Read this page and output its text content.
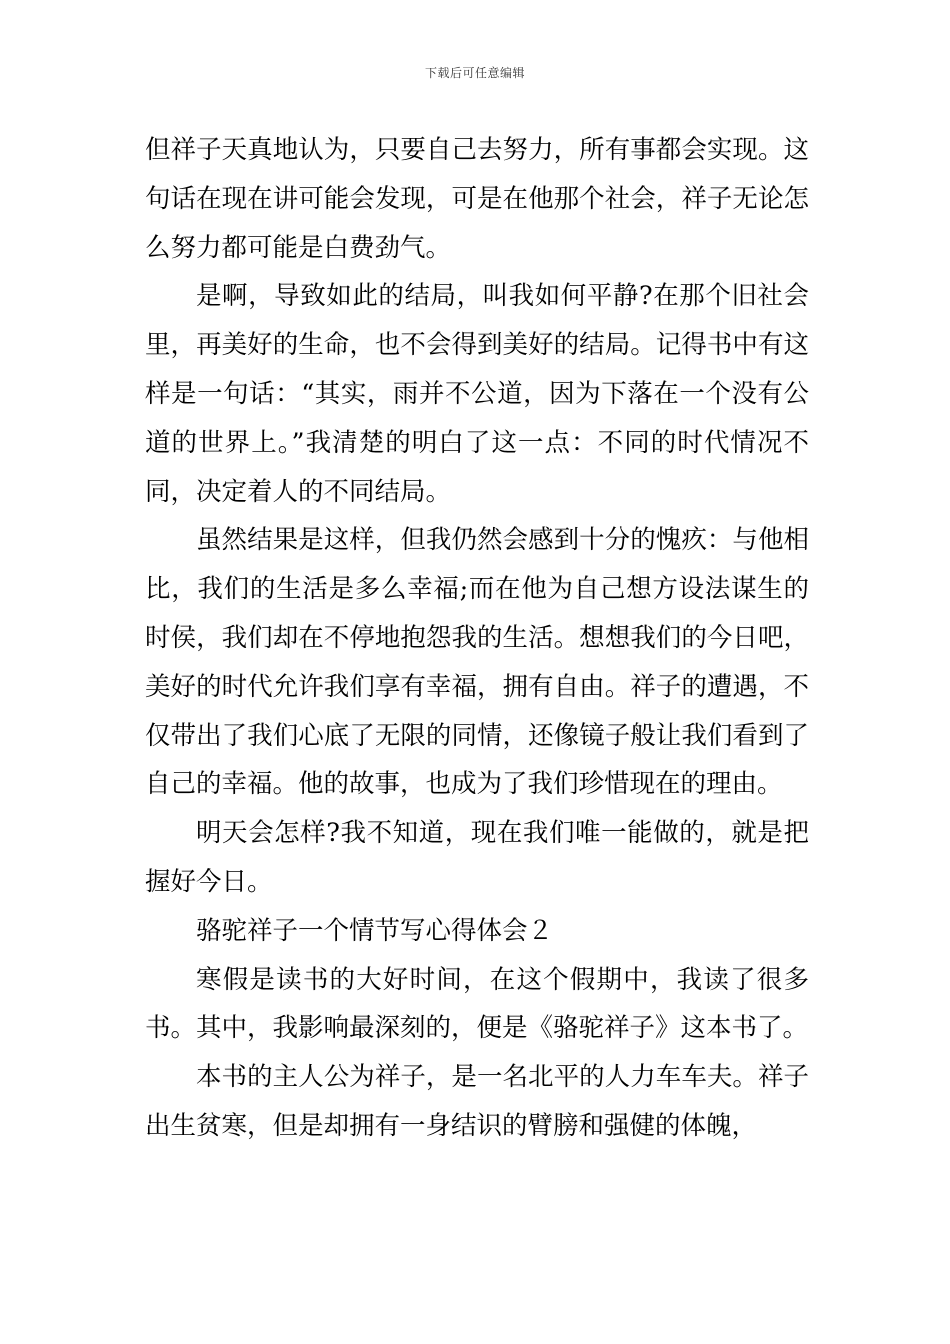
下载后可任意编辑

但祥子天真地认为，只要自己去努力，所有事都会实现。这句话在现在讲可能会发现，可是在他那个社会，祥子无论怎么努力都可能是白费劲气。

是啊，导致如此的结局，叫我如何平静?在那个旧社会里，再美好的生命，也不会得到美好的结局。记得书中有这样是一句话：“其实，雨并不公道，因为下落在一个没有公道的世界上。”我清楚的明白了这一点：不同的时代情况不同，决定着人的不同结局。

虽然结果是这样，但我仍然会感到十分的愧疚：与他相比，我们的生活是多么幸福;而在他为自己想方设法谋生的时侯，我们却在不停地抱怨我的生活。想想我们的今日吧，美好的时代允许我们享有幸福，拥有自由。祥子的遭遇，不仅带出了我们心底了无限的同情，还像镜子般让我们看到了自己的幸福。他的故事，也成为了我们珍惜现在的理由。

明天会怎样?我不知道，现在我们唯一能做的，就是把握好今日。

骆驼祥子一个情节写心得体会２

寒假是读书的大好时间，在这个假期中，我读了很多书。其中，我影响最深刻的，便是《骆驼祥子》这本书了。

本书的主人公为祥子，是一名北平的人力车车夫。祥子出生贫寒，但是却拥有一身结识的臂膀和强健的体魄，
